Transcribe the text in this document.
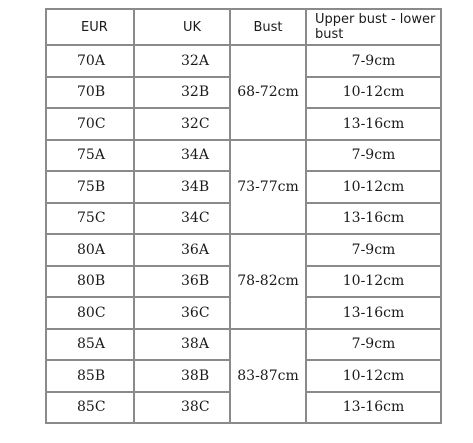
EUR	UK	Bust	Upper bust - lower bust
70A	32A	68-72cm	7-9cm
70B	32B		10-12cm
70C	32C		13-16cm
75A	34A	73-77cm	7-9cm
75B	34B		10-12cm
75C	34C		13-16cm
80A	36A	78-82cm	7-9cm
80B	36B		10-12cm
80C	36C		13-16cm
85A	38A	83-87cm	7-9cm
85B	38B		10-12cm
85C	38C		13-16cm
